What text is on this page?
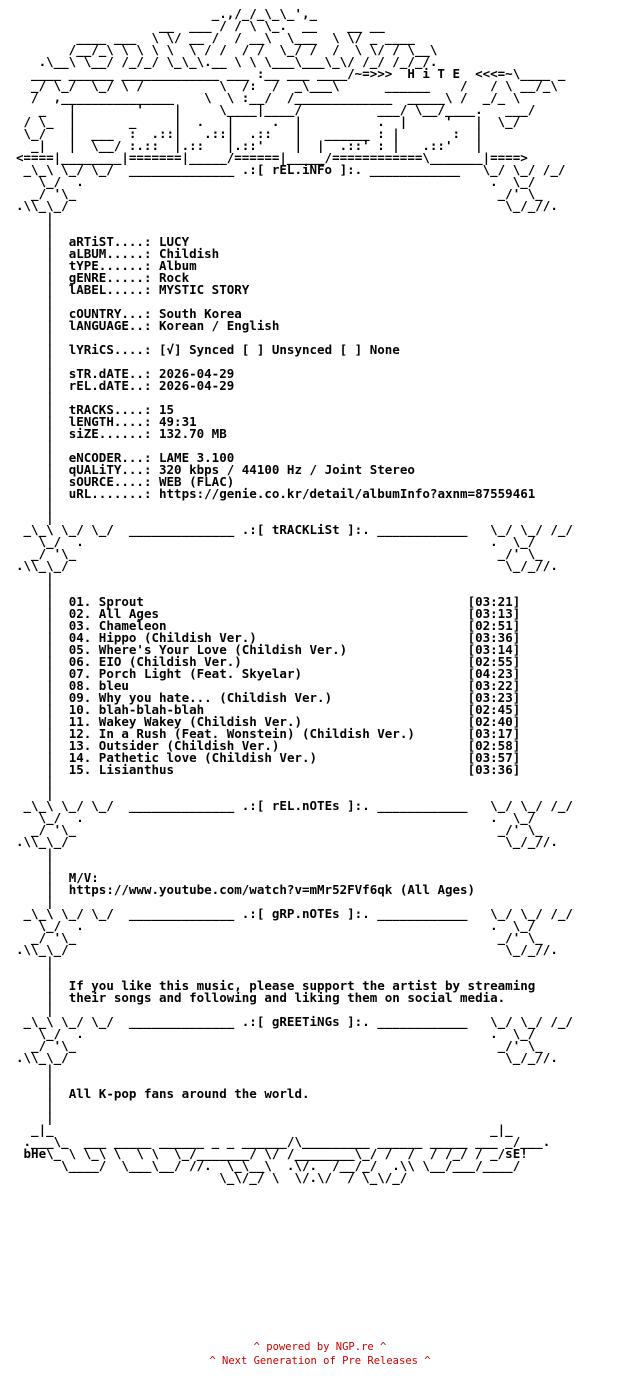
_.,/_/_\_\_',_
__  ___ / / \ \_.  __    __ __
____ ___  \ \/ __ /  / __\  \___  \ \/ _ ____
/__/_\ \ \ \ \  \ / /  / /  \_/ /  /  \ \/ / \__\
.\__\ \__/ /_/_/ \_\_\.__ \ \ \___\___\_\/ /_/ /_/_/.
____ ______ _____________ ___ :__ ___ ____/~=>>>  H i T E  <<<=~\____ _
_/ \_/  \_/ \ /          \  /:  /  _\___\      ______    /   / \ __/_\
/  ,_______________    \  \ :__/  /_____________  _____\ /  _/_ \
_   |        '    |     \____|____/          ___/ \__/____.   ___/
/ \_  |       _     |  .   |     .  |          .  |     '   |  \_/
\_/   |  ___  :  .::|   .::|  .::   |   ______ : |       :  |
_|   |  \__/ :.::  |.::   |.::'    |  |  .::' : |   .::'   |
<====|________|=======|_____/======|_____/============\_______|====>
_\_\ \_/ \_/  ______________ .:[ rEL.iNFo ]:. ____________   \_/ \_/ /_/
\_/  .                                                      .  \_/
_/ '\_                                                        _/' \_
.\\_\_/                                                          \_/_//.
|
|
|  aRTiST....: LUCY
|  aLBUM.....: Childish
|  tYPE......: Album
|  gENRE.....: Rock
|  lABEL.....: MYSTIC STORY
|
|  cOUNTRY...: South Korea
|  lANGUAGE..: Korean / English
|
|  lYRiCS....: [√] Synced [ ] Unsynced [ ] None
|
|  sTR.dATE..: 2026-04-29
|  rEL.dATE..: 2026-04-29
|
|  tRACKS....: 15
|  lENGTH....: 49:31
|  siZE......: 132.70 MB
|
|  eNCODER...: LAME 3.100
|  qUALiTY...: 320 kbps / 44100 Hz / Joint Stereo
|  sOURCE....: WEB (FLAC)
|  uRL.......: https://genie.co.kr/detail/albumInfo?axnm=87559461
|
|
_\_\ \_/ \_/  ______________ .:[ tRACKLiSt ]:. ____________   \_/ \_/ /_/
\_/  .                                                      .  \_/
_/ '\_                                                        _/' \_
.\\_\_/                                                          \_/_//.
|
|
|  01. Sprout                                           [03:21]
|  02. All Ages                                         [03:13]
|  03. Chameleon                                        [02:51]
|  04. Hippo (Childish Ver.)                            [03:36]
|  05. Where's Your Love (Childish Ver.)                [03:14]
|  06. EIO (Childish Ver.)                              [02:55]
|  07. Porch Light (Feat. Skyelar)                      [04:23]
|  08. bleu                                             [03:22]
|  09. Why you hate... (Childish Ver.)                  [03:23]
|  10. blah-blah-blah                                   [02:45]
|  11. Wakey Wakey (Childish Ver.)                      [02:40]
|  12. In a Rush (Feat. Wonstein) (Childish Ver.)       [03:17]
|  13. Outsider (Childish Ver.)                         [02:58]
|  14. Pathetic love (Childish Ver.)                    [03:57]
|  15. Lisianthus                                       [03:36]
|
|
_\_\ \_/ \_/  ______________ .:[ rEL.nOTEs ]:. ____________   \_/ \_/ /_/
\_/  .                                                      .  \_/
_/ '\_                                                        _/' \_
.\\_\_/                                                          \_/_//.
|
|
|  M/V:
|  https://www.youtube.com/watch?v=mMr52FVf6qk (All Ages)
|
_\_\ \_/ \_/  ______________ .:[ gRP.nOTEs ]:. ____________   \_/ \_/ /_/
\_/  .                                                      .  \_/
_/ '\_                                                        _/' \_
.\\_\_/                                                          \_/_//.
|
|
|  If you like this music, please support the artist by streaming
|  their songs and following and liking them on social media.
|
_\_\ \_/ \_/  ______________ .:[ gREETiNGs ]:. ____________   \_/ \_/ /_/
\_/  .                                                      .  \_/
_/ '\_                                                        _/' \_
.\\_\_/                                                          \_/_//.
|
|
|  All K-pop fans around the world.
|
|
_|_                                                          _|_
.___\_  ___ _____ ______ _ _ ______/\_________ ______ _____ ___ _/___.
bHe\_ \ \_\ \  \ \  \_/_______/ \/ /________\_/ /  /  / /_/ / _/sE!
\____/  \___\__/ //.  \_\__\  .\/.  /__/_/  .\\ \__/___/____/
\_\/_/ \  \/.\/  / \_\/_/

^ powered by NGP.re ^
^ Next Generation of Pre Releases ^
